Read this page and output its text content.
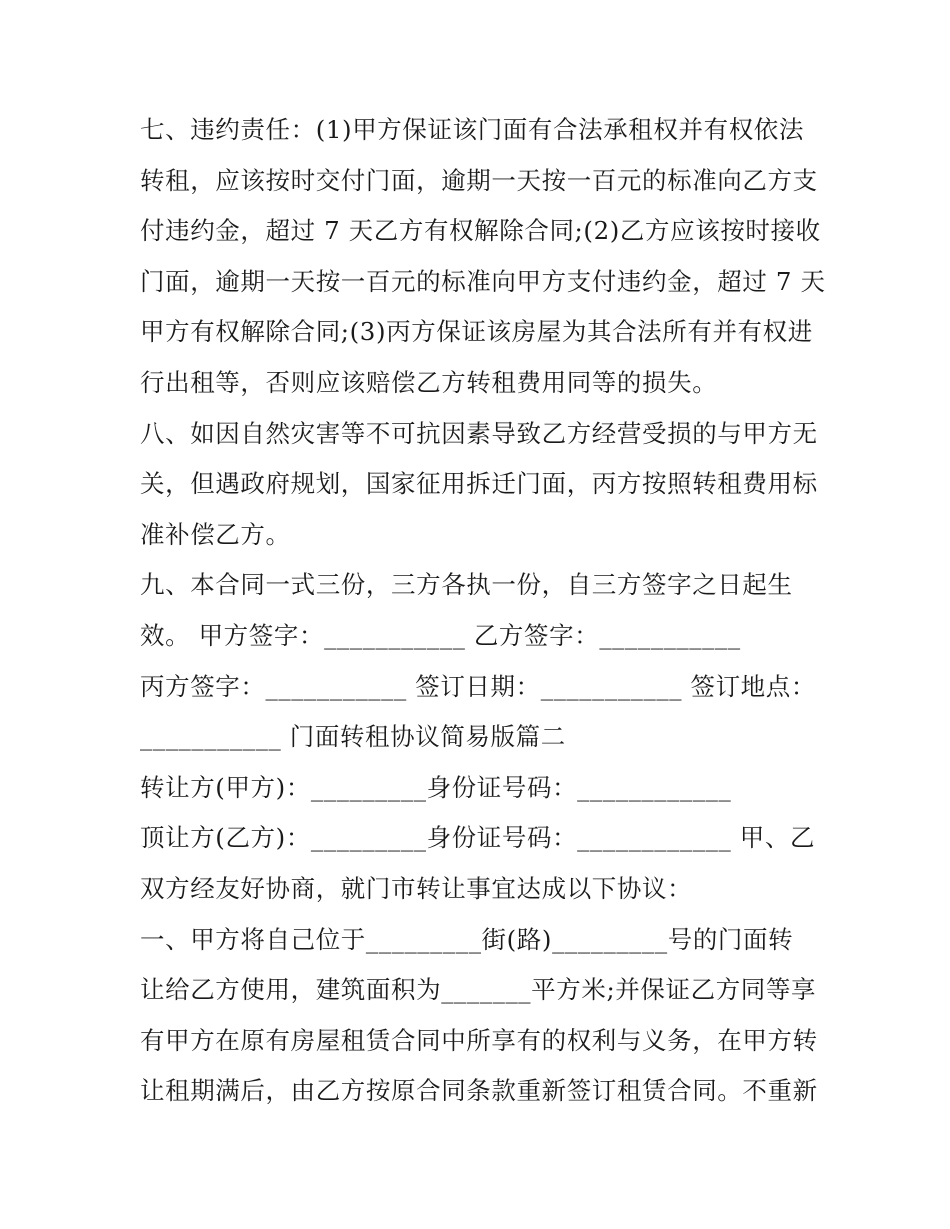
七、违约责任：(1)甲方保证该门面有合法承租权并有权依法
转租，应该按时交付门面，逾期一天按一百元的标准向乙方支
付违约金，超过 7 天乙方有权解除合同;(2)乙方应该按时接收
门面，逾期一天按一百元的标准向甲方支付违约金，超过 7 天
甲方有权解除合同;(3)丙方保证该房屋为其合法所有并有权进
行出租等，否则应该赔偿乙方转租费用同等的损失。
八、如因自然灾害等不可抗因素导致乙方经营受损的与甲方无
关，但遇政府规划，国家征用拆迁门面，丙方按照转租费用标
准补偿乙方。
九、本合同一式三份，三方各执一份，自三方签字之日起生
效。 甲方签字：___________ 乙方签字：___________
丙方签字：___________ 签订日期：___________ 签订地点：
___________ 门面转租协议简易版篇二
转让方(甲方)：_________身份证号码：____________
顶让方(乙方)：_________身份证号码：____________ 甲、乙
双方经友好协商，就门市转让事宜达成以下协议：
一、甲方将自己位于_________街(路)_________号的门面转
让给乙方使用，建筑面积为_______平方米;并保证乙方同等享
有甲方在原有房屋租赁合同中所享有的权利与义务，在甲方转
让租期满后，由乙方按原合同条款重新签订租赁合同。不重新
